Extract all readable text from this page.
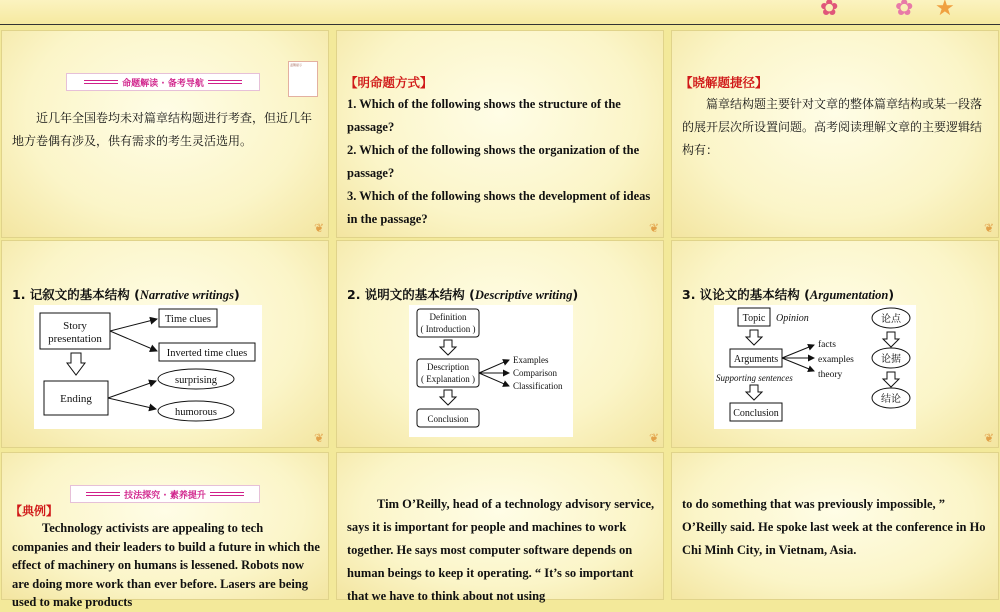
✿	✿ ★
命题解读 · 备考导航
温馨提示
近几年全国卷均未对篇章结构题进行考查，但近几年地方卷偶有涉及，供有需求的考生灵活选用。
❦
【明命题方式】
1. Which of the following shows the structure of the passage?
2. Which of the following shows the organization of the passage?
3. Which of the following shows the development of ideas in the passage?
❦
【晓解题捷径】
篇章结构题主要针对文章的整体篇章结构或某一段落的展开层次所设置问题。高考阅读理解文章的主要逻辑结构有：
❦
1. 记叙文的基本结构 (Narrative writings)
Story
presentation
Time clues
Inverted time clues
Ending
surprising
humorous
❦
2. 说明文的基本结构 (Descriptive writing)
Definition
( Introduction )
Description
( Explanation )
Conclusion
Examples
Comparison
Classification
❦
3. 议论文的基本结构 (Argumentation)
Topic Opinion
Arguments
Supporting sentences
Conclusion
facts
examples
theory
论点
论据
结论
❦
技法探究 · 素养提升
【典例】
Technology activists are appealing to tech companies and their leaders to build a future in which the effect of machinery on humans is lessened. Robots now are doing more work than ever before. Lasers are being used to make products
Tim O’Reilly, head of a technology advisory service, says it is important for people and machines to work together. He says most computer software depends on human beings to keep it operating. “ It’s so important that we have to think about not using
to do something that was previously impossible, ” O’Reilly said. He spoke last week at the conference in Ho Chi Minh City, in Vietnam, Asia.
